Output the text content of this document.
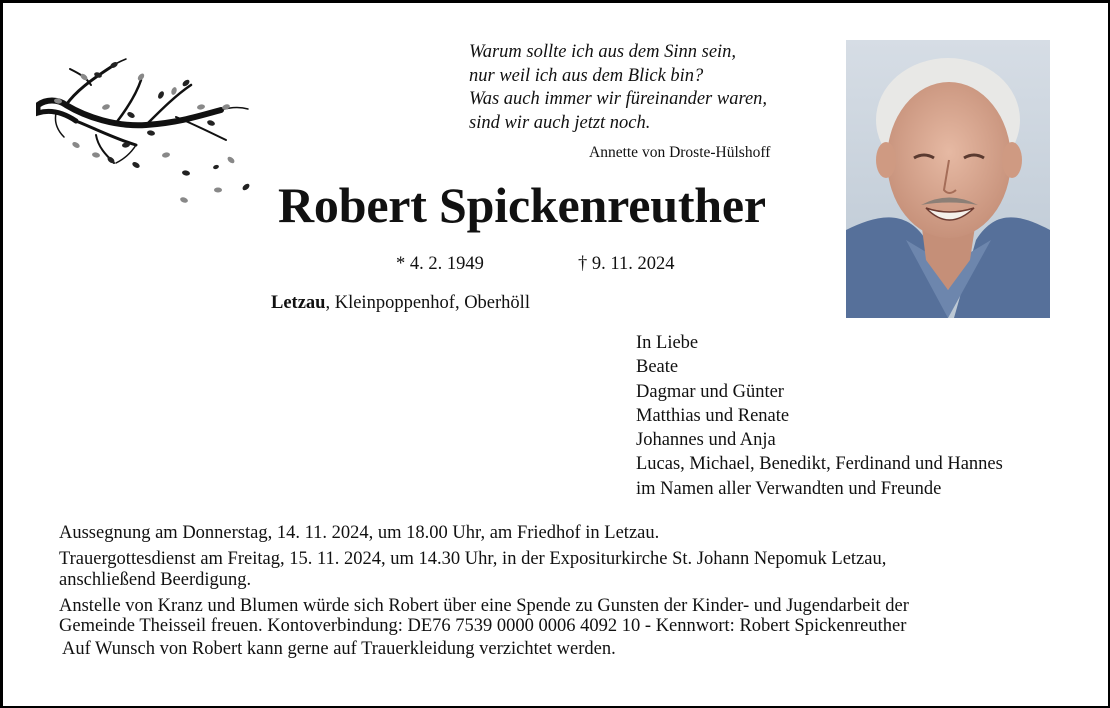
Warum sollte ich aus dem Sinn sein,
nur weil ich aus dem Blick bin?
Was auch immer wir füreinander waren,
sind wir auch jetzt noch.
Annette von Droste-Hülshoff
Robert Spickenreuther
* 4. 2. 1949	† 9. 11. 2024
Letzau, Kleinpoppenhof, Oberhöll
In Liebe
Beate
Dagmar und Günter
Matthias und Renate
Johannes und Anja
Lucas, Michael, Benedikt, Ferdinand und Hannes
im Namen aller Verwandten und Freunde

Aussegnung am Donnerstag, 14. 11. 2024, um 18.00 Uhr, am Friedhof in Letzau.

Trauergottesdienst am Freitag, 15. 11. 2024, um 14.30 Uhr, in der Expositurkirche St. Johann Nepomuk Letzau,

anschließend Beerdigung.

Anstelle von Kranz und Blumen würde sich Robert über eine Spende zu Gunsten der Kinder- und Jugendarbeit der

Gemeinde Theisseil freuen. Kontoverbindung: DE76 7539 0000 0006 4092 10 - Kennwort: Robert Spickenreuther

Auf Wunsch von Robert kann gerne auf Trauerkleidung verzichtet werden.
